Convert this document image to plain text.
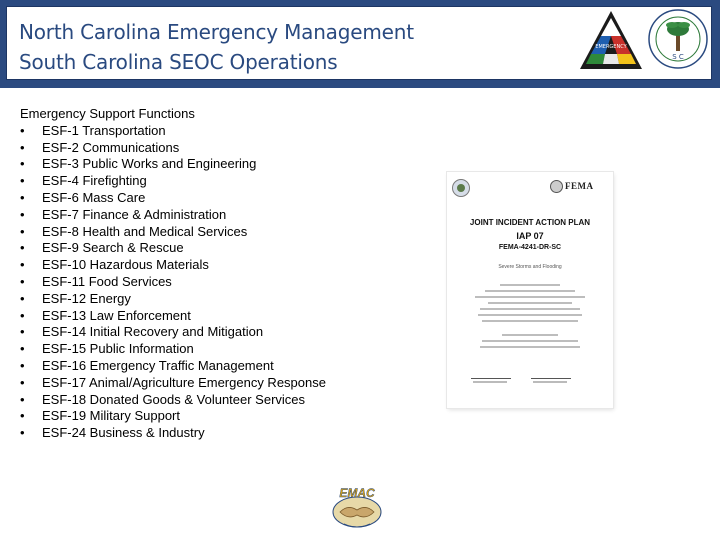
North Carolina Emergency Management
South Carolina SEOC Operations
EMERGENCY
S C
Emergency Support Functions
• ESF-1 Transportation
• ESF-2 Communications
• ESF-3 Public Works and Engineering
• ESF-4 Firefighting
• ESF-6 Mass Care
• ESF-7 Finance & Administration
• ESF-8 Health and Medical Services
• ESF-9 Search & Rescue
• ESF-10 Hazardous Materials
• ESF-11 Food Services
• ESF-12 Energy
• ESF-13 Law Enforcement
• ESF-14 Initial Recovery and Mitigation
• ESF-15 Public Information
• ESF-16 Emergency Traffic Management
• ESF-17 Animal/Agriculture Emergency Response
• ESF-18 Donated Goods & Volunteer Services
• ESF-19 Military Support
• ESF-24 Business & Industry
FEMA
JOINT INCIDENT ACTION PLAN
IAP 07
FEMA-4241-DR-SC
Severe Storms and Flooding
EMAC
